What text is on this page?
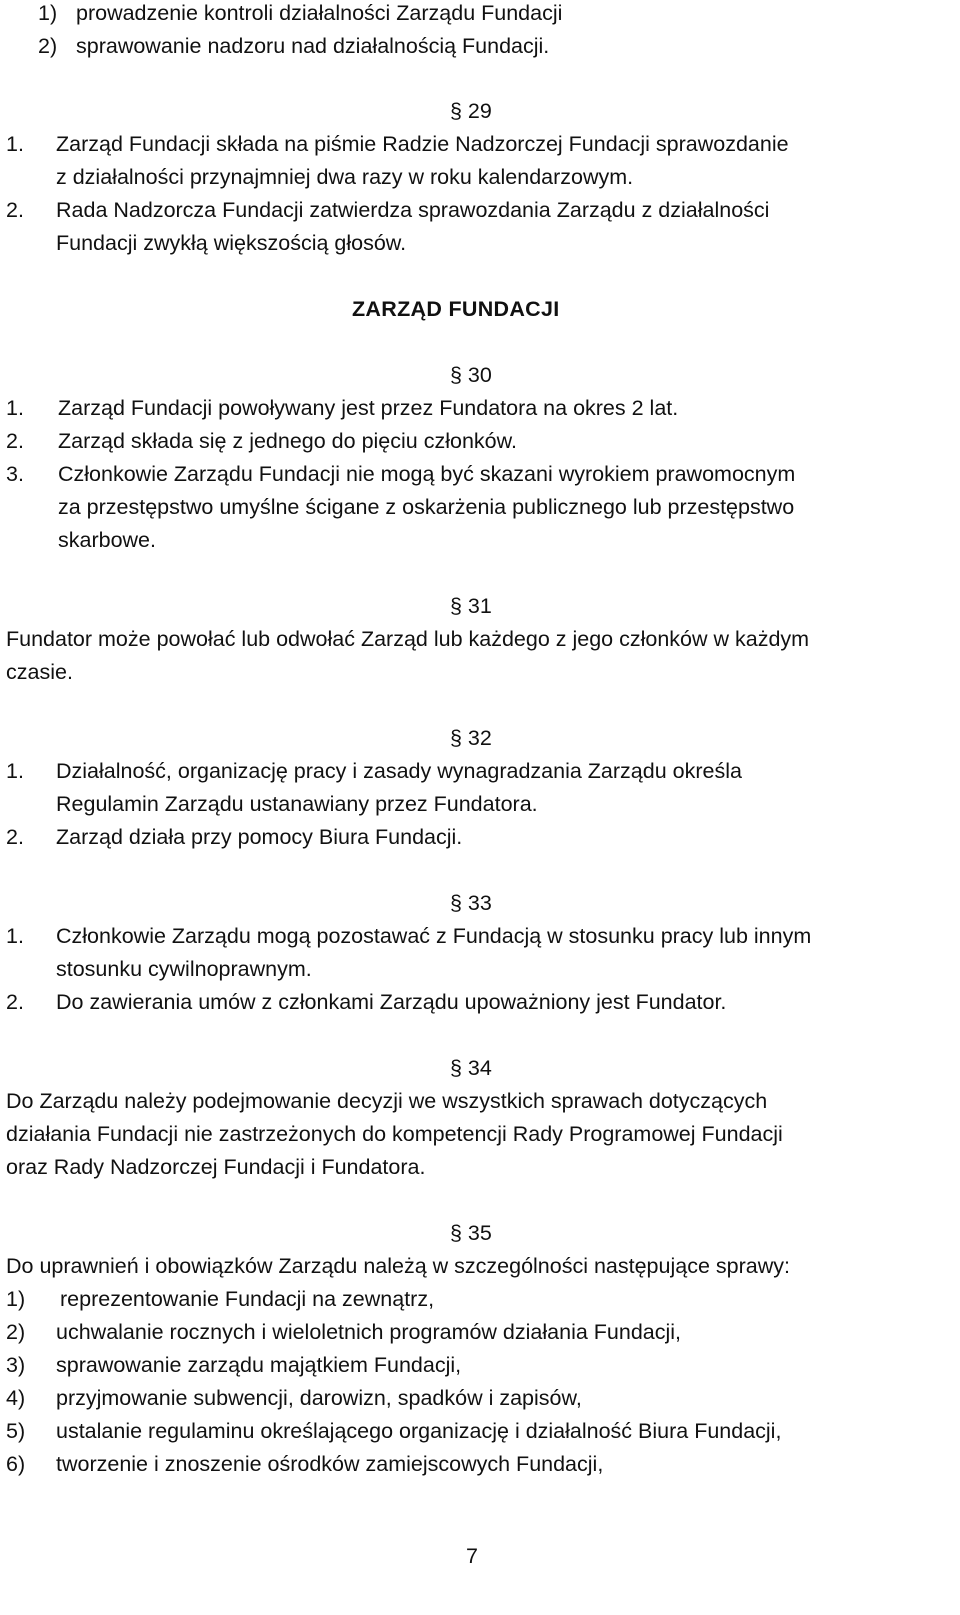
1) prowadzenie kontroli działalności Zarządu Fundacji
2) sprawowanie nadzoru nad działalnością Fundacji.
§ 29
1. Zarząd Fundacji składa na piśmie Radzie Nadzorczej Fundacji sprawozdanie
z działalności przynajmniej dwa razy w roku kalendarzowym.
2. Rada Nadzorcza Fundacji zatwierdza sprawozdania Zarządu z działalności
Fundacji zwykłą większością głosów.
ZARZĄD FUNDACJI
§ 30
1. Zarząd Fundacji powoływany jest przez Fundatora na okres 2 lat.
2. Zarząd składa się z jednego do pięciu członków.
3. Członkowie Zarządu Fundacji nie mogą być skazani wyrokiem prawomocnym
za przestępstwo umyślne ścigane z oskarżenia publicznego lub przestępstwo
skarbowe.
§ 31
Fundator może powołać lub odwołać Zarząd lub każdego z jego członków w każdym
czasie.
§ 32
1. Działalność, organizację pracy i zasady wynagradzania Zarządu określa
Regulamin Zarządu ustanawiany przez Fundatora.
2. Zarząd działa przy pomocy Biura Fundacji.
§ 33
1. Członkowie Zarządu mogą pozostawać z Fundacją w stosunku pracy lub innym
stosunku cywilnoprawnym.
2. Do zawierania umów z członkami Zarządu upoważniony jest Fundator.
§ 34
Do Zarządu należy podejmowanie decyzji we wszystkich sprawach dotyczących
działania Fundacji nie zastrzeżonych do kompetencji Rady Programowej Fundacji
oraz Rady Nadzorczej Fundacji i Fundatora.
§ 35
Do uprawnień i obowiązków Zarządu należą w szczególności następujące sprawy:
1) reprezentowanie Fundacji na zewnątrz,
2) uchwalanie rocznych i wieloletnich programów działania Fundacji,
3) sprawowanie zarządu majątkiem Fundacji,
4) przyjmowanie subwencji, darowizn, spadków i zapisów,
5) ustalanie regulaminu określającego organizację i działalność Biura Fundacji,
6) tworzenie i znoszenie ośrodków zamiejscowych Fundacji,
7
